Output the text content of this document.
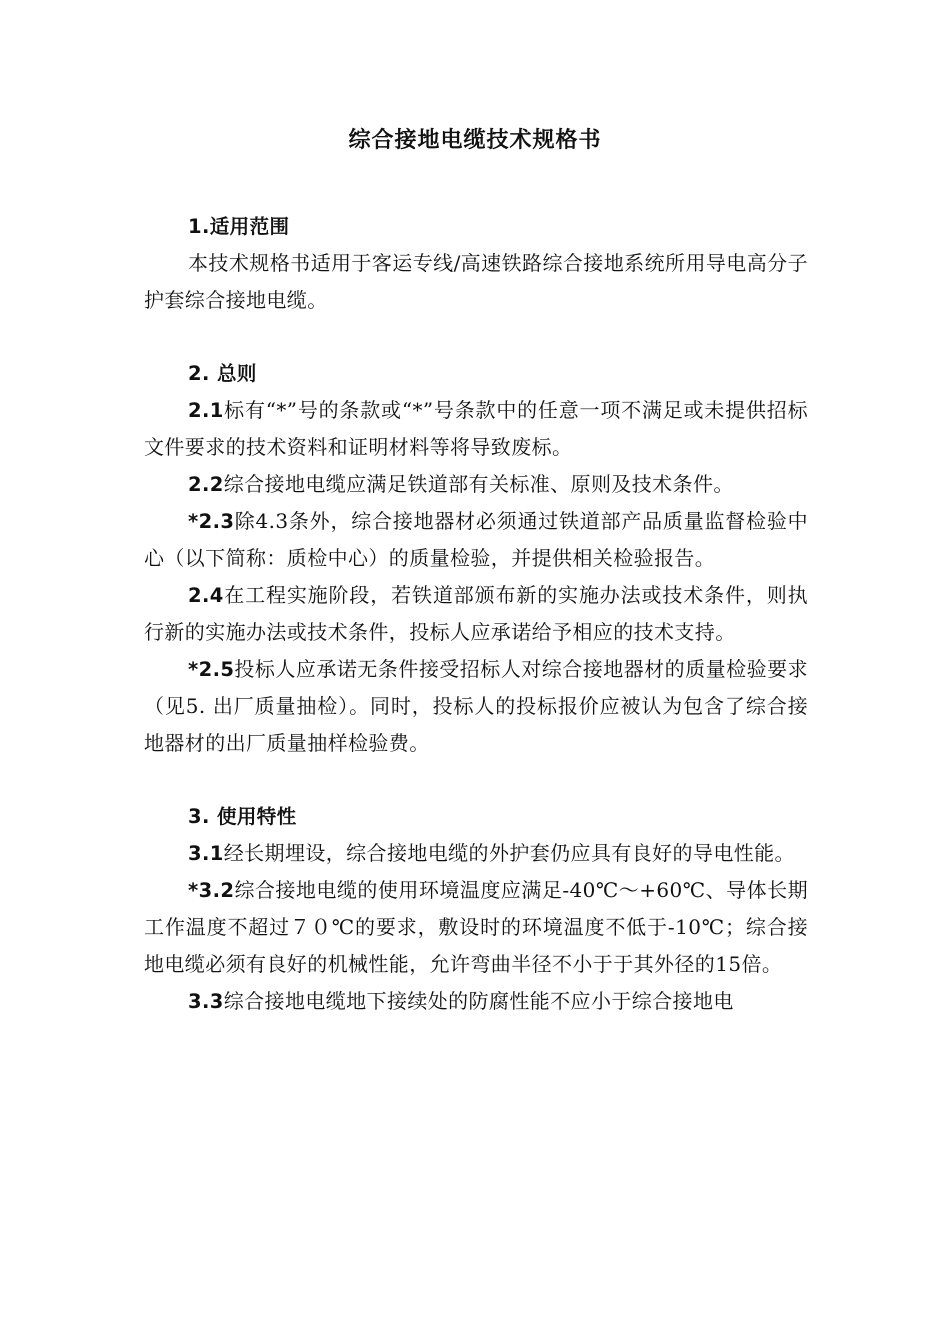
综合接地电缆技术规格书
1.适用范围
本技术规格书适用于客运专线/高速铁路综合接地系统所用导电高分子护套综合接地电缆。
2. 总则
2.1标有“*”号的条款或“*”号条款中的任意一项不满足或未提供招标文件要求的技术资料和证明材料等将导致废标。
2.2综合接地电缆应满足铁道部有关标准、原则及技术条件。
*2.3除4.3条外，综合接地器材必须通过铁道部产品质量监督检验中心（以下简称：质检中心）的质量检验，并提供相关检验报告。
2.4在工程实施阶段，若铁道部颁布新的实施办法或技术条件，则执行新的实施办法或技术条件，投标人应承诺给予相应的技术支持。
*2.5投标人应承诺无条件接受招标人对综合接地器材的质量检验要求（见5. 出厂质量抽检）。同时，投标人的投标报价应被认为包含了综合接地器材的出厂质量抽样检验费。
3. 使用特性
3.1经长期埋设，综合接地电缆的外护套仍应具有良好的导电性能。
*3.2综合接地电缆的使用环境温度应满足-40℃～+60℃、导体长期工作温度不超过７０℃的要求，敷设时的环境温度不低于-10℃；综合接地电缆必须有良好的机械性能，允许弯曲半径不小于于其外径的15倍。
3.3综合接地电缆地下接续处的防腐性能不应小于综合接地电
